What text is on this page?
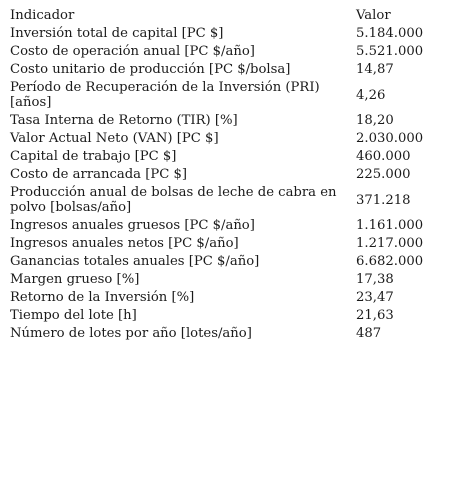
Indicador	Valor
Inversión total de capital [PC $]	5.184.000
Costo de operación anual [PC $/año]	5.521.000
Costo unitario de producción [PC $/bolsa]	14,87
Período de Recuperación de la Inversión (PRI) [años]	4,26
Tasa Interna de Retorno (TIR) [%]	18,20
Valor Actual Neto (VAN) [PC $]	2.030.000
Capital de trabajo [PC $]	460.000
Costo de arrancada [PC $]	225.000
Producción anual de bolsas de leche de cabra en polvo [bolsas/año]	371.218
Ingresos anuales gruesos [PC $/año]	1.161.000
Ingresos anuales netos [PC $/año]	1.217.000
Ganancias totales anuales [PC $/año]	6.682.000
Margen grueso [%]	17,38
Retorno de la Inversión [%]	23,47
Tiempo del lote [h]	21,63
Número de lotes por año [lotes/año]	487
